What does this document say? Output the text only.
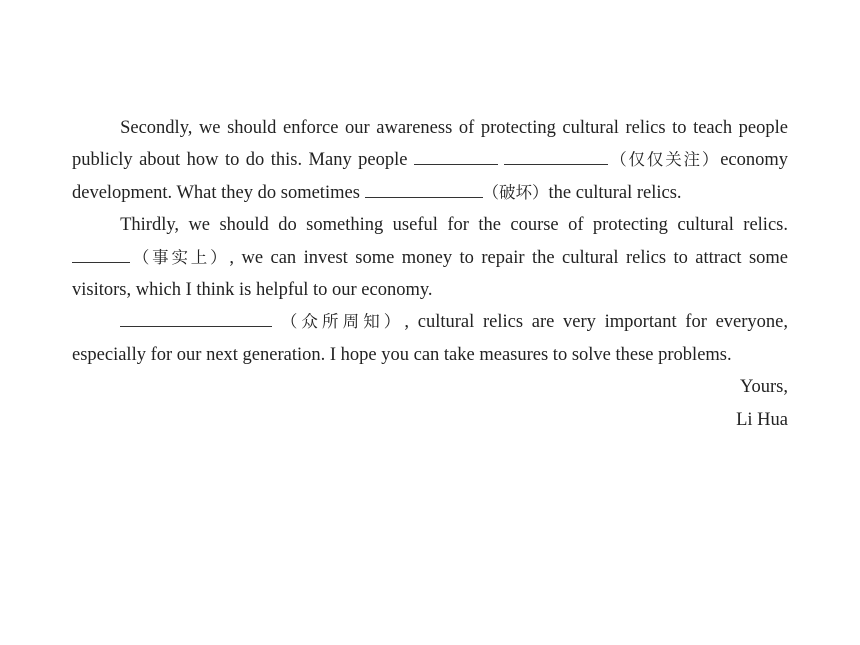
Secondly, we should enforce our awareness of protecting cultural relics to teach people publicly about how to do this. Many people	（仅仅关注）economy development. What they do sometimes	（破坏）the cultural relics.

Thirdly, we should do something useful for the course of protecting cultural relics. （事实上）, we can invest some money to repair the cultural relics to attract some visitors, which I think is helpful to our economy.

（众所周知）, cultural relics are very important for everyone, especially for our next generation. I hope you can take measures to solve these problems.

Yours,

Li Hua
